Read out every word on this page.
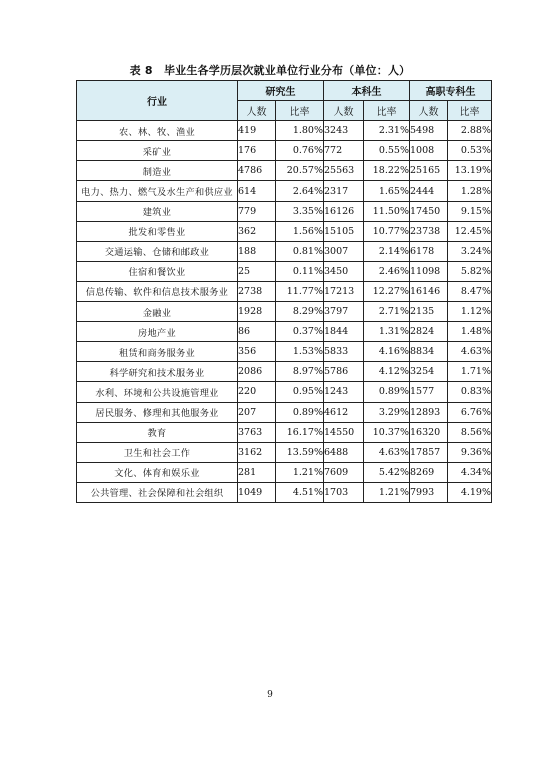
表 8　毕业生各学历层次就业单位行业分布（单位：人）
行业	研究生		本科生		高职专科生	
	人数	比率	人数	比率	人数	比率
农、林、牧、渔业	419	1.80%	3243	2.31%	5498	2.88%
采矿业	176	0.76%	772	0.55%	1008	0.53%
制造业	4786	20.57%	25563	18.22%	25165	13.19%
电力、热力、燃气及水生产和供应业	614	2.64%	2317	1.65%	2444	1.28%
建筑业	779	3.35%	16126	11.50%	17450	9.15%
批发和零售业	362	1.56%	15105	10.77%	23738	12.45%
交通运输、仓储和邮政业	188	0.81%	3007	2.14%	6178	3.24%
住宿和餐饮业	25	0.11%	3450	2.46%	11098	5.82%
信息传输、软件和信息技术服务业	2738	11.77%	17213	12.27%	16146	8.47%
金融业	1928	8.29%	3797	2.71%	2135	1.12%
房地产业	86	0.37%	1844	1.31%	2824	1.48%
租赁和商务服务业	356	1.53%	5833	4.16%	8834	4.63%
科学研究和技术服务业	2086	8.97%	5786	4.12%	3254	1.71%
水利、环境和公共设施管理业	220	0.95%	1243	0.89%	1577	0.83%
居民服务、修理和其他服务业	207	0.89%	4612	3.29%	12893	6.76%
教育	3763	16.17%	14550	10.37%	16320	8.56%
卫生和社会工作	3162	13.59%	6488	4.63%	17857	9.36%
文化、体育和娱乐业	281	1.21%	7609	5.42%	8269	4.34%
公共管理、社会保障和社会组织	1049	4.51%	1703	1.21%	7993	4.19%
9
